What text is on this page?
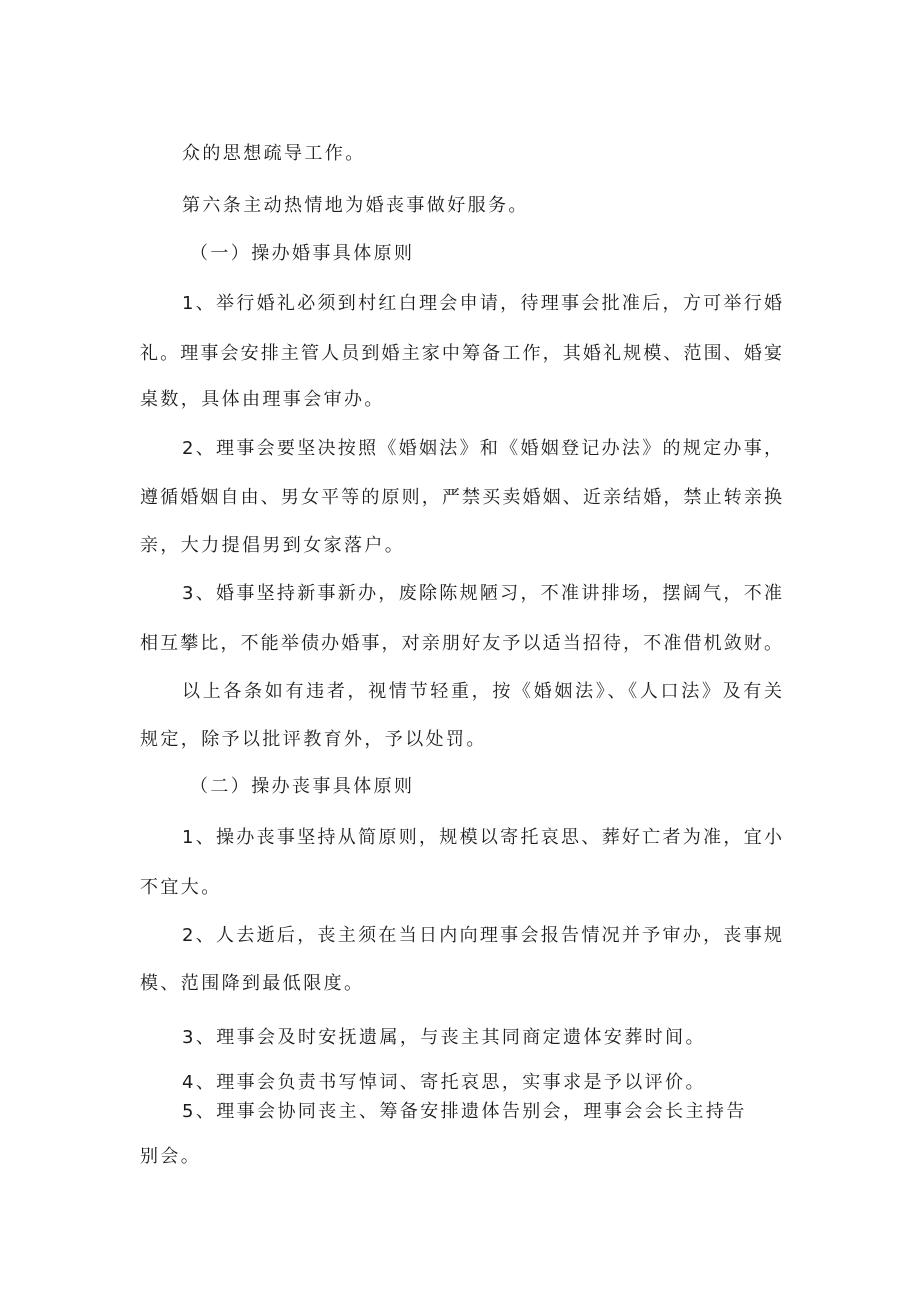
众的思想疏导工作。
第六条主动热情地为婚丧事做好服务。
（一）操办婚事具体原则
1、举行婚礼必须到村红白理会申请，待理事会批准后，方可举行婚
礼。理事会安排主管人员到婚主家中筹备工作，其婚礼规模、范围、婚宴
桌数，具体由理事会审办。
2、理事会要坚决按照《婚姻法》和《婚姻登记办法》的规定办事，
遵循婚姻自由、男女平等的原则，严禁买卖婚姻、近亲结婚，禁止转亲换
亲，大力提倡男到女家落户。
3、婚事坚持新事新办，废除陈规陋习，不准讲排场，摆阔气，不准
相互攀比，不能举债办婚事，对亲朋好友予以适当招待，不准借机敛财。
以上各条如有违者，视情节轻重，按《婚姻法》、《人口法》及有关
规定，除予以批评教育外，予以处罚。
（二）操办丧事具体原则
1、操办丧事坚持从简原则，规模以寄托哀思、葬好亡者为准，宜小
不宜大。
2、人去逝后，丧主须在当日内向理事会报告情况并予审办，丧事规
模、范围降到最低限度。
3、理事会及时安抚遗属，与丧主其同商定遗体安葬时间。
4、理事会负责书写悼词、寄托哀思，实事求是予以评价。
5、理事会协同丧主、筹备安排遗体告别会，理事会会长主持告
别会。
